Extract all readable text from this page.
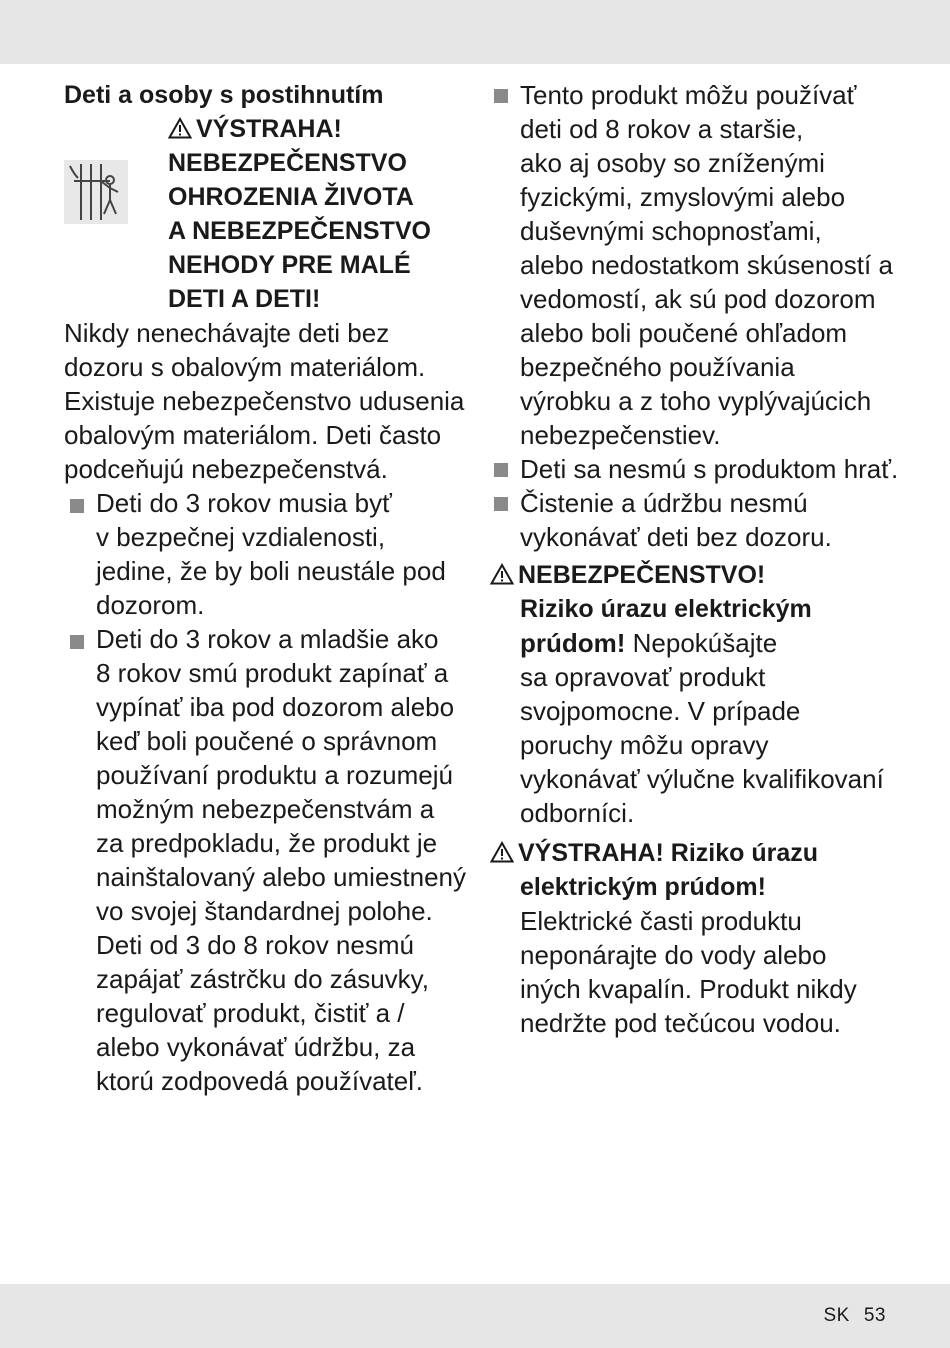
Deti a osoby s postihnutím
VÝSTRAHA!
NEBEZPEČENSTVO
OHROZENIA ŽIVOTA
A NEBEZPEČENSTVO
NEHODY PRE MALÉ
DETI A DETI!
Nikdy nenechávajte deti bez
dozoru s obalovým materiálom.
Existuje nebezpečenstvo udusenia
obalovým materiálom. Deti často
podceňujú nebezpečenstvá.
Deti do 3 rokov musia byť
v bezpečnej vzdialenosti,
jedine, že by boli neustále pod
dozorom.
Deti do 3 rokov a mladšie ako
8 rokov smú produkt zapínať a
vypínať iba pod dozorom alebo
keď boli poučené o správnom
používaní produktu a rozumejú
možným nebezpečenstvám a
za predpokladu, že produkt je
nainštalovaný alebo umiestnený
vo svojej štandardnej polohe.
Deti od 3 do 8 rokov nesmú
zapájať zástrčku do zásuvky,
regulovať produkt, čistiť a /
alebo vykonávať údržbu, za
ktorú zodpovedá používateľ.
Tento produkt môžu používať
deti od 8 rokov a staršie,
ako aj osoby so zníženými
fyzickými, zmyslovými alebo
duševnými schopnosťami,
alebo nedostatkom skúseností a
vedomostí, ak sú pod dozorom
alebo boli poučené ohľadom
bezpečného používania
výrobku a z toho vyplývajúcich
nebezpečenstiev.
Deti sa nesmú s produktom hrať.
Čistenie a údržbu nesmú
vykonávať deti bez dozoru.
NEBEZPEČENSTVO!
Riziko úrazu elektrickým
prúdom! Nepokúšajte
sa opravovať produkt
svojpomocne. V prípade
poruchy môžu opravy
vykonávať výlučne kvalifikovaní
odborníci.
VÝSTRAHA! Riziko úrazu
elektrickým prúdom!
Elektrické časti produktu
neponárajte do vody alebo
iných kvapalín. Produkt nikdy
nedržte pod tečúcou vodou.
SK 53
